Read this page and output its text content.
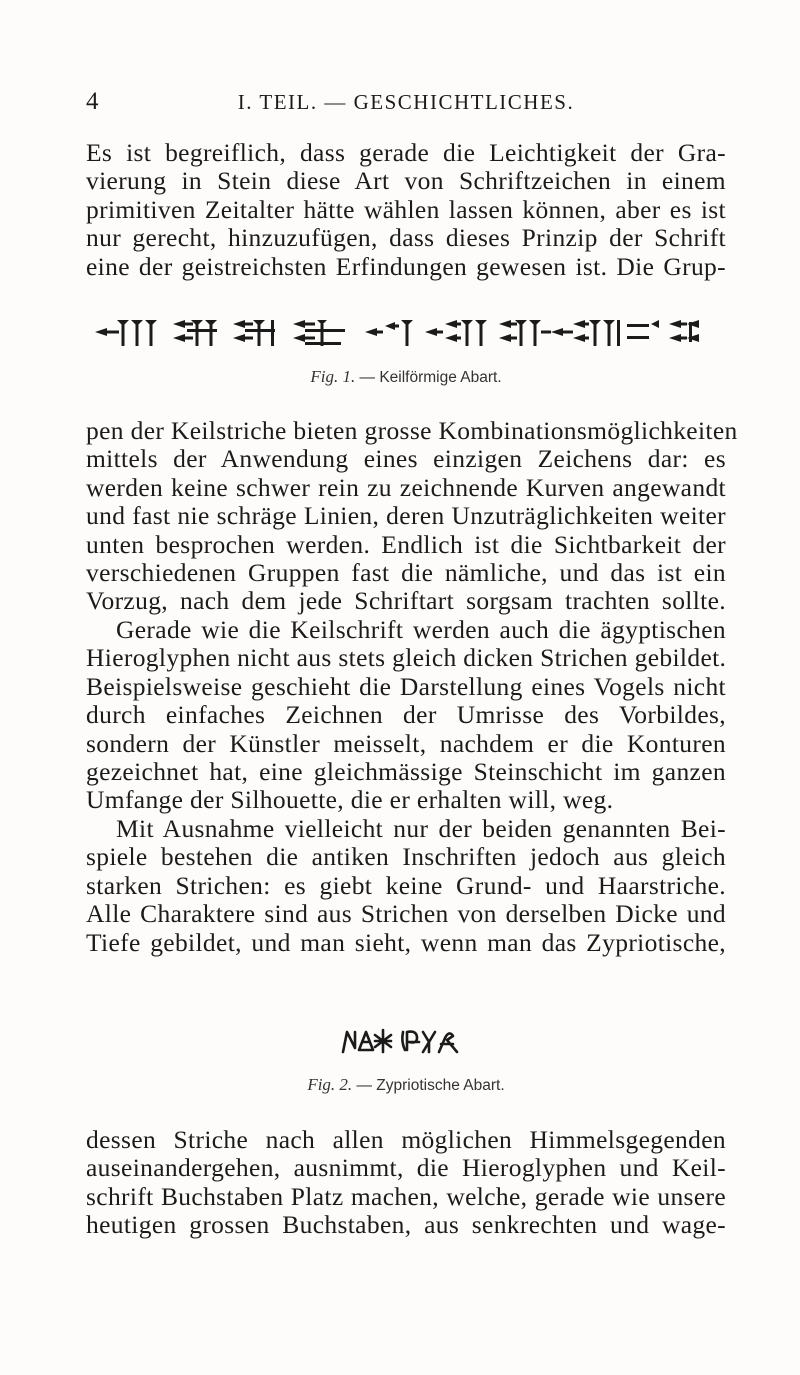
4	I. TEIL. — GESCHICHTLICHES.

Es ist begreiflich, dass gerade die Leichtigkeit der Gra-
vierung in Stein diese Art von Schriftzeichen in einem
primitiven Zeitalter hätte wählen lassen können, aber es ist
nur gerecht, hinzuzufügen, dass dieses Prinzip der Schrift
eine der geistreichsten Erfindungen gewesen ist. Die Grup-

Fig. 1. — Keilförmige Abart.

pen der Keilstriche bieten grosse Kombinationsmöglichkeiten
mittels der Anwendung eines einzigen Zeichens dar: es
werden keine schwer rein zu zeichnende Kurven angewandt
und fast nie schräge Linien, deren Unzuträglichkeiten weiter
unten besprochen werden. Endlich ist die Sichtbarkeit der
verschiedenen Gruppen fast die nämliche, und das ist ein
Vorzug, nach dem jede Schriftart sorgsam trachten sollte.

Gerade wie die Keilschrift werden auch die ägyptischen
Hieroglyphen nicht aus stets gleich dicken Strichen gebildet.
Beispielsweise geschieht die Darstellung eines Vogels nicht
durch einfaches Zeichnen der Umrisse des Vorbildes,
sondern der Künstler meisselt, nachdem er die Konturen
gezeichnet hat, eine gleichmässige Steinschicht im ganzen
Umfange der Silhouette, die er erhalten will, weg.

Mit Ausnahme vielleicht nur der beiden genannten Bei-
spiele bestehen die antiken Inschriften jedoch aus gleich
starken Strichen: es giebt keine Grund- und Haarstriche.
Alle Charaktere sind aus Strichen von derselben Dicke und
Tiefe gebildet, und man sieht, wenn man das Zypriotische,

Fig. 2. — Zypriotische Abart.

dessen Striche nach allen möglichen Himmelsgegenden
auseinandergehen, ausnimmt, die Hieroglyphen und Keil-
schrift Buchstaben Platz machen, welche, gerade wie unsere
heutigen grossen Buchstaben, aus senkrechten und wage-
